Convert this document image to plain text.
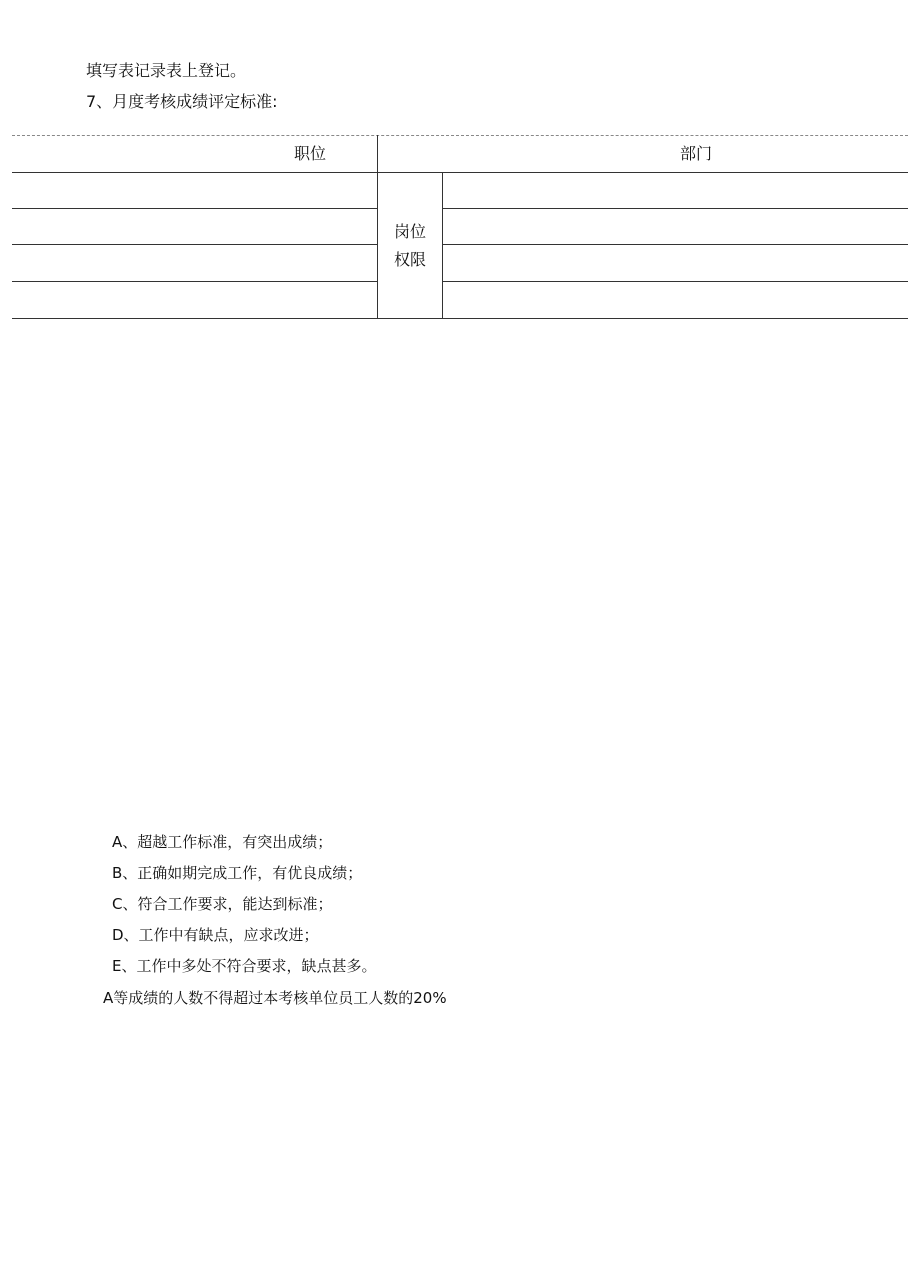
填写表记录表上登记。
7、月度考核成绩评定标准:
职位	部门
岗位权限
A、超越工作标准，有突出成绩；
B、正确如期完成工作，有优良成绩；
C、符合工作要求，能达到标准；
D、工作中有缺点，应求改进；
E、工作中多处不符合要求，缺点甚多。
A等成绩的人数不得超过本考核单位员工人数的20%
